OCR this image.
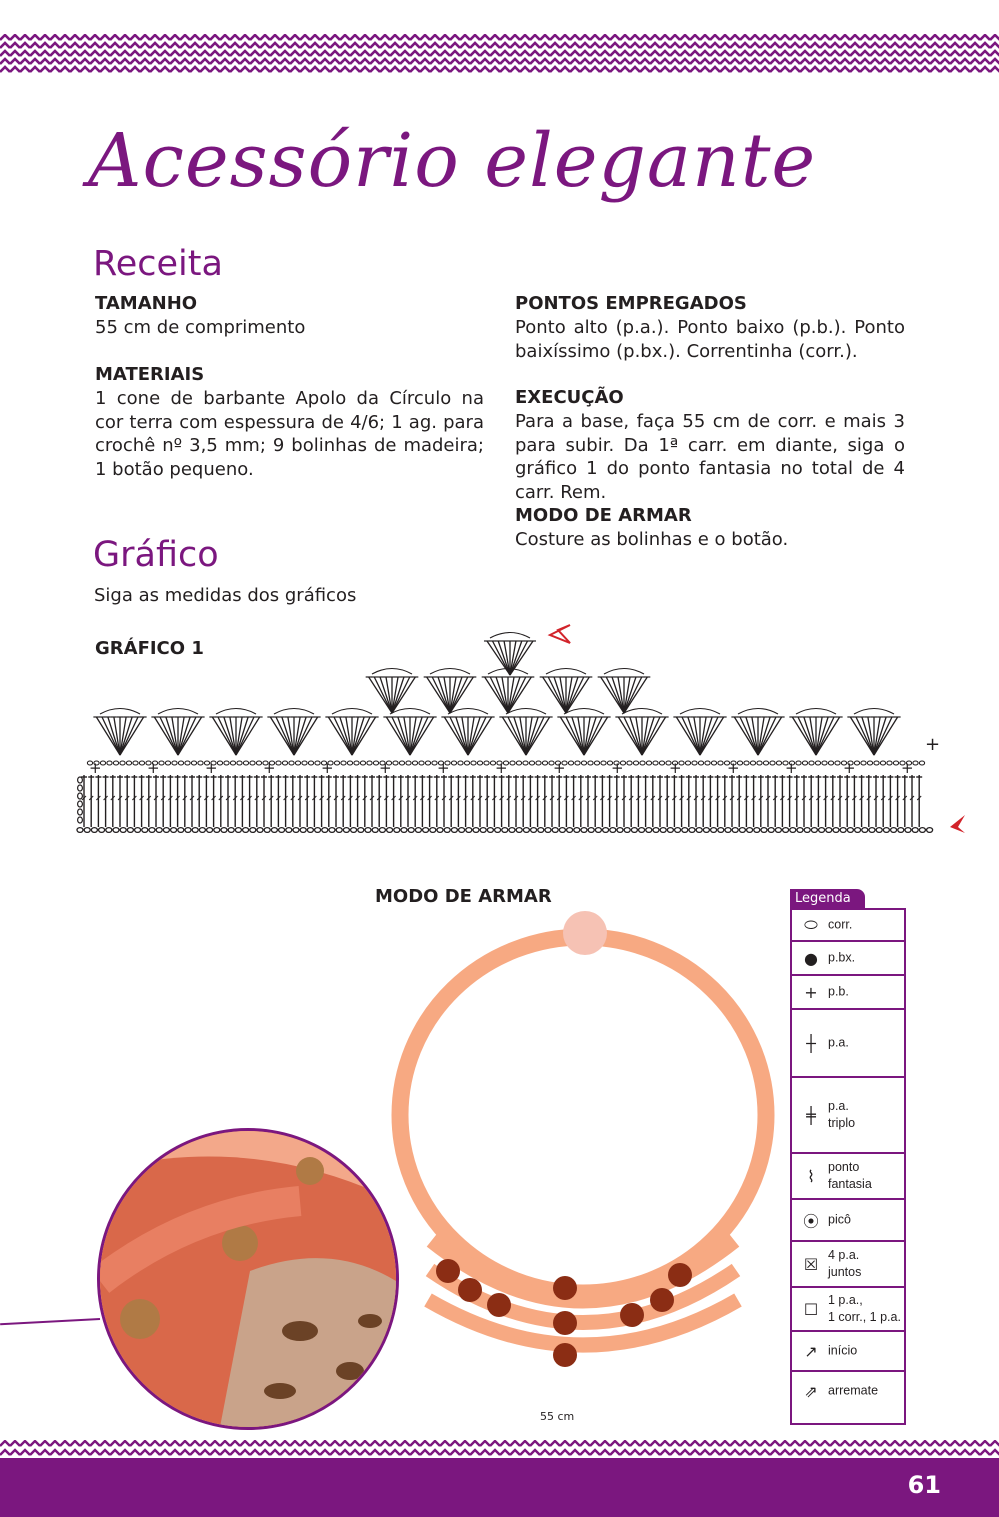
Acessório elegante
Receita
TAMANHO
55 cm de comprimento
MATERIAIS
1 cone de barbante Apolo da Círculo na cor terra com espessura de 4/6; 1 ag. para crochê nº 3,5 mm; 9 bolinhas de madeira; 1 botão pequeno.
PONTOS EMPREGADOS
Ponto alto (p.a.). Ponto baixo (p.b.). Ponto baixíssimo (p.bx.). Correntinha (corr.).
EXECUÇÃO
Para a base, faça 55 cm de corr. e mais 3 para subir. Da 1ª carr. em diante, siga o gráfico 1 do ponto fantasia no total de 4 carr. Rem.
MODO DE ARMAR
Costure as bolinhas e o botão.
Gráfico
Siga as medidas dos gráficos
GRÁFICO 1
+	+	+	+	+	+	+	+	+	+	+	+	+	+	+
+
MODO DE ARMAR
55 cm
Legenda
⬭ corr.
● p.bx.
+ p.b.
┼ p.a.
╪ p.a.
triplo
⌇	ponto
fantasia
⦿ picô
☒ 4 p.a.
juntos
☐ 1 p.a.,
1 corr., 1 p.a.
↗ início
⇗ arremate
61
